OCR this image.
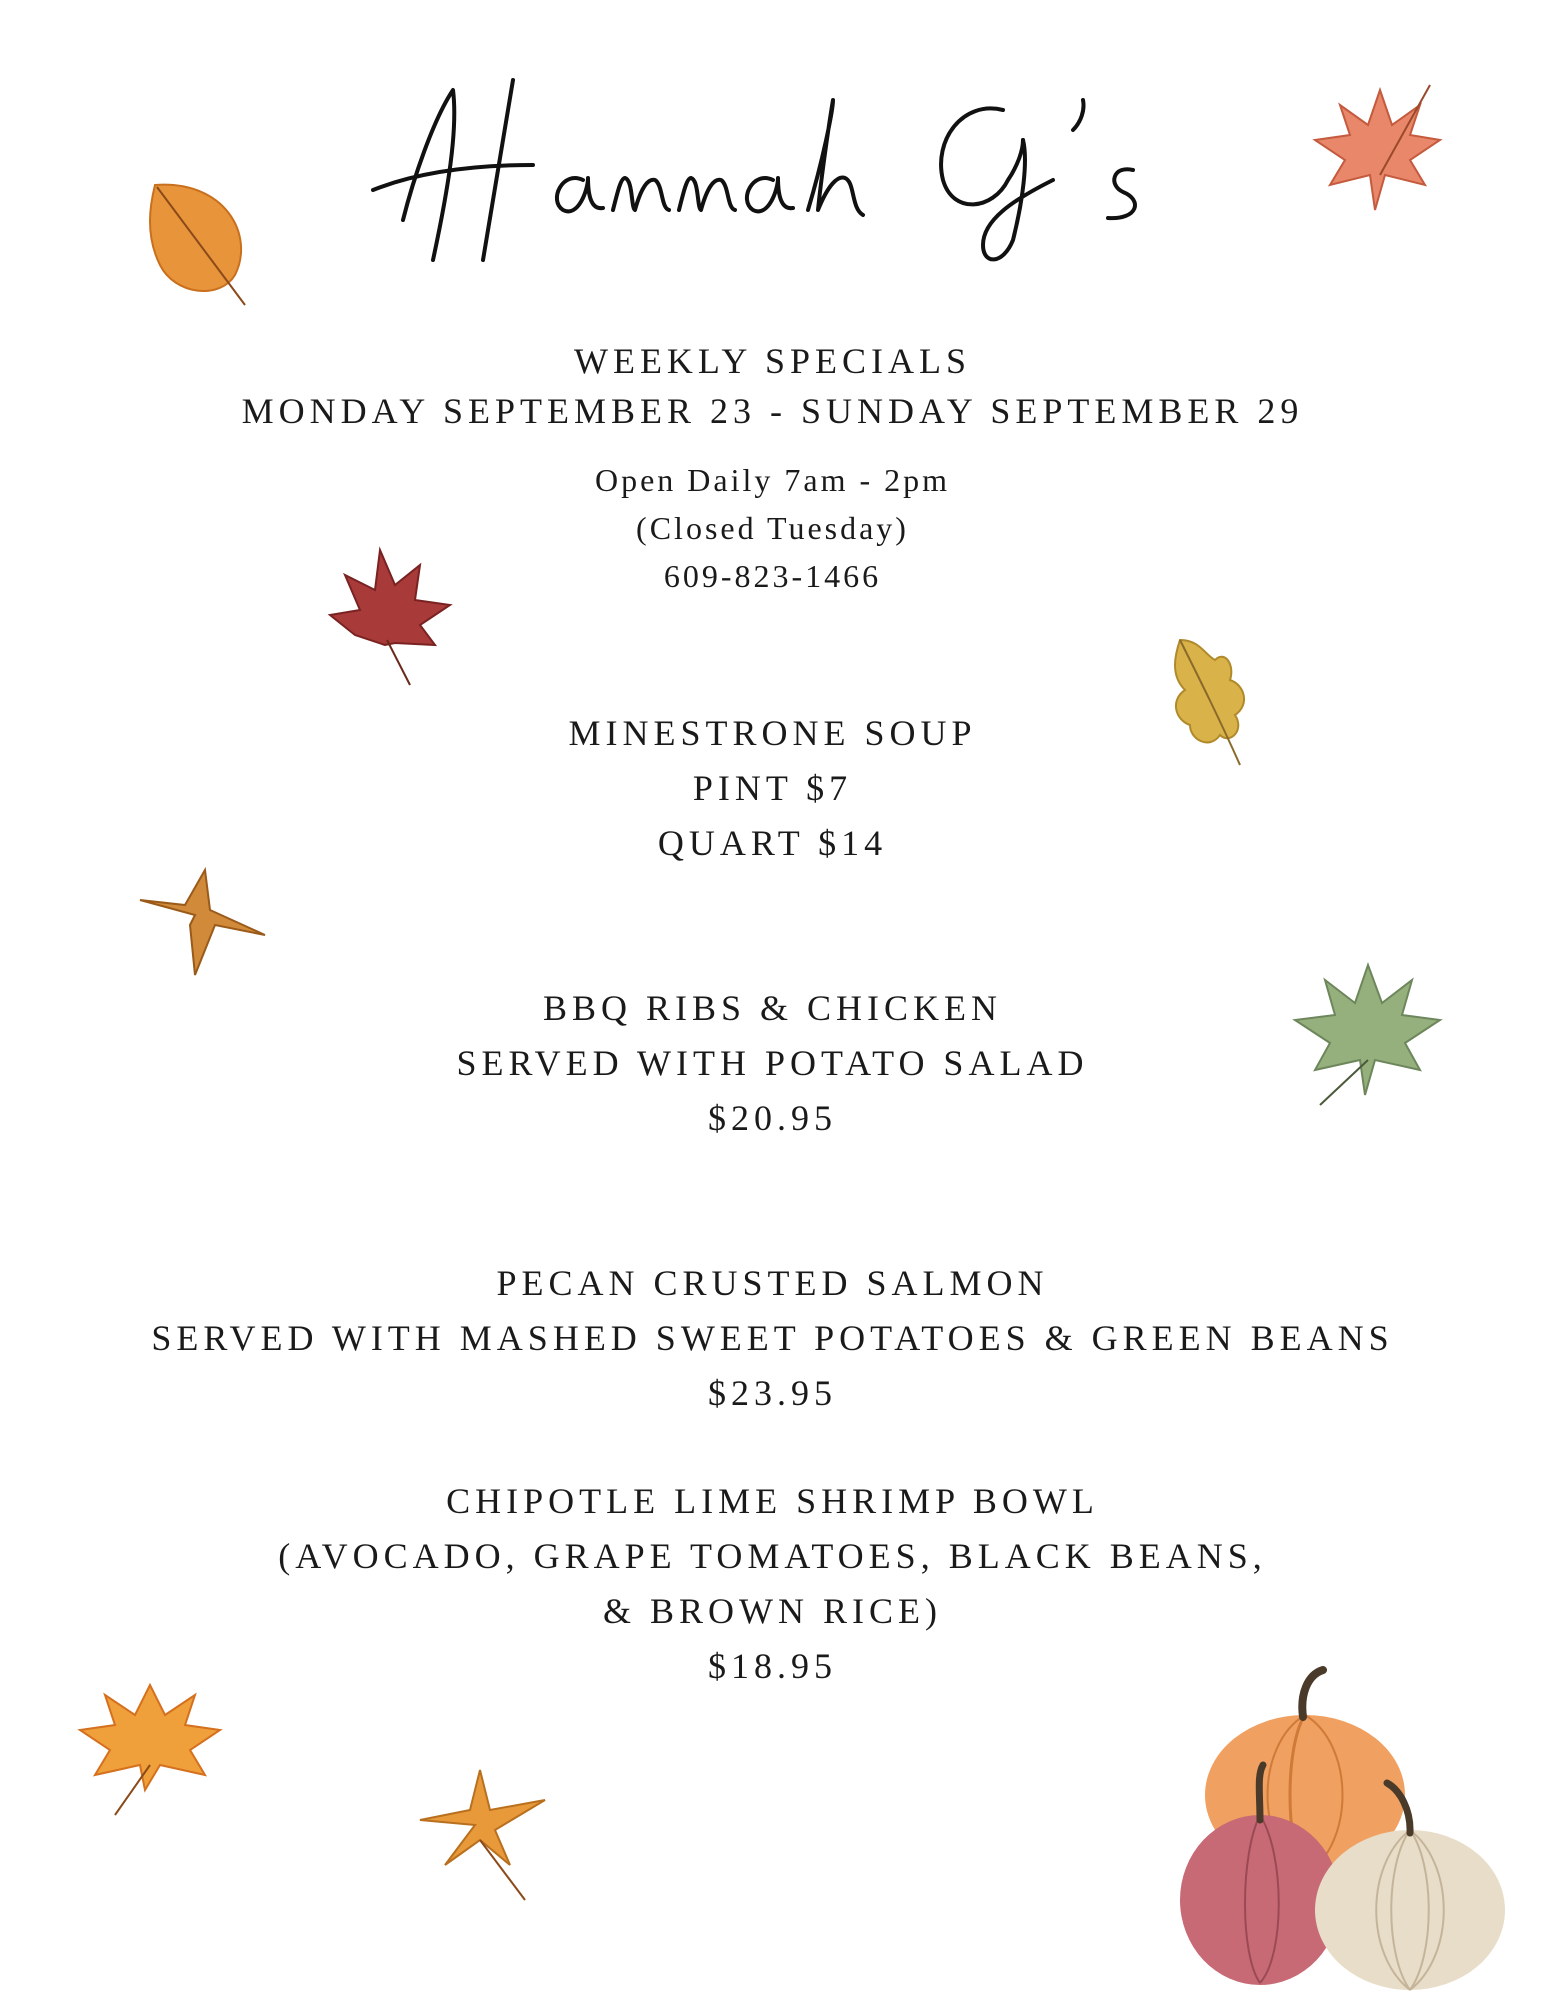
WEEKLY SPECIALS
MONDAY SEPTEMBER 23 - SUNDAY SEPTEMBER 29
Open Daily 7am - 2pm
(Closed Tuesday)
609-823-1466
MINESTRONE SOUP
PINT $7
QUART $14
BBQ RIBS & CHICKEN
SERVED WITH POTATO SALAD
$20.95
PECAN CRUSTED SALMON
SERVED WITH MASHED SWEET POTATOES & GREEN BEANS
$23.95
CHIPOTLE LIME SHRIMP BOWL
(AVOCADO, GRAPE TOMATOES, BLACK BEANS,
& BROWN RICE)
$18.95
